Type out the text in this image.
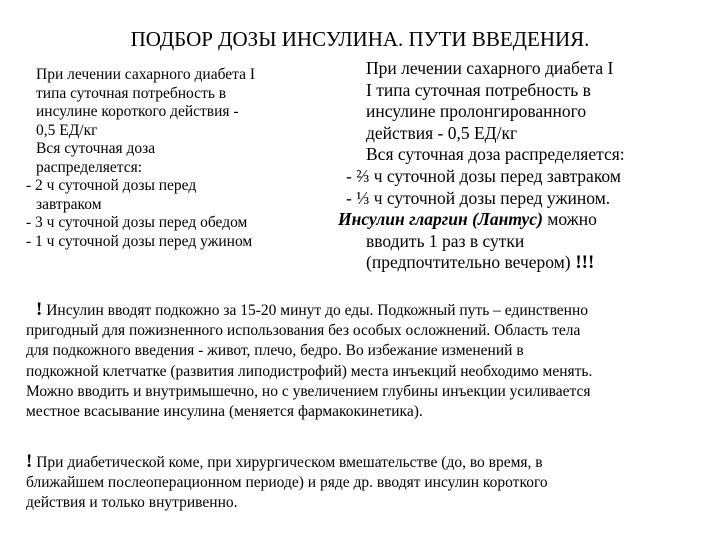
ПОДБОР ДОЗЫ ИНСУЛИНА. ПУТИ ВВЕДЕНИЯ.
При лечении сахарного диабета I
типа суточная потребность в
инсулине короткого действия -
0,5 ЕД/кг
Вся суточная доза
распределяется:
- 2 ч суточной дозы перед
завтраком
- 3 ч суточной дозы перед обедом
- 1 ч суточной дозы перед ужином
При лечении сахарного диабета I
I типа суточная потребность в
инсулине пролонгированного
действия - 0,5 ЕД/кг
Вся суточная доза распределяется:
- ⅔ ч суточной дозы перед завтраком
- ⅓ ч суточной дозы перед ужином.
Инсулин гларгин (Лантус) можно
вводить 1 раз в сутки
(предпочтительно вечером) !!!
! Инсулин вводят подкожно за 15-20 минут до еды. Подкожный путь – единственно
пригодный для пожизненного использования без особых осложнений. Область тела
для подкожного введения - живот, плечо, бедро. Во избежание изменений в
подкожной клетчатке (развития липодистрофий) места инъекций необходимо менять.
Можно вводить и внутримышечно, но с увеличением глубины инъекции усиливается
местное всасывание инсулина (меняется фармакокинетика).
! При диабетической коме, при хирургическом вмешательстве (до, во время, в
ближайшем послеоперационном периоде) и ряде др. вводят инсулин короткого
действия и только внутривенно.
